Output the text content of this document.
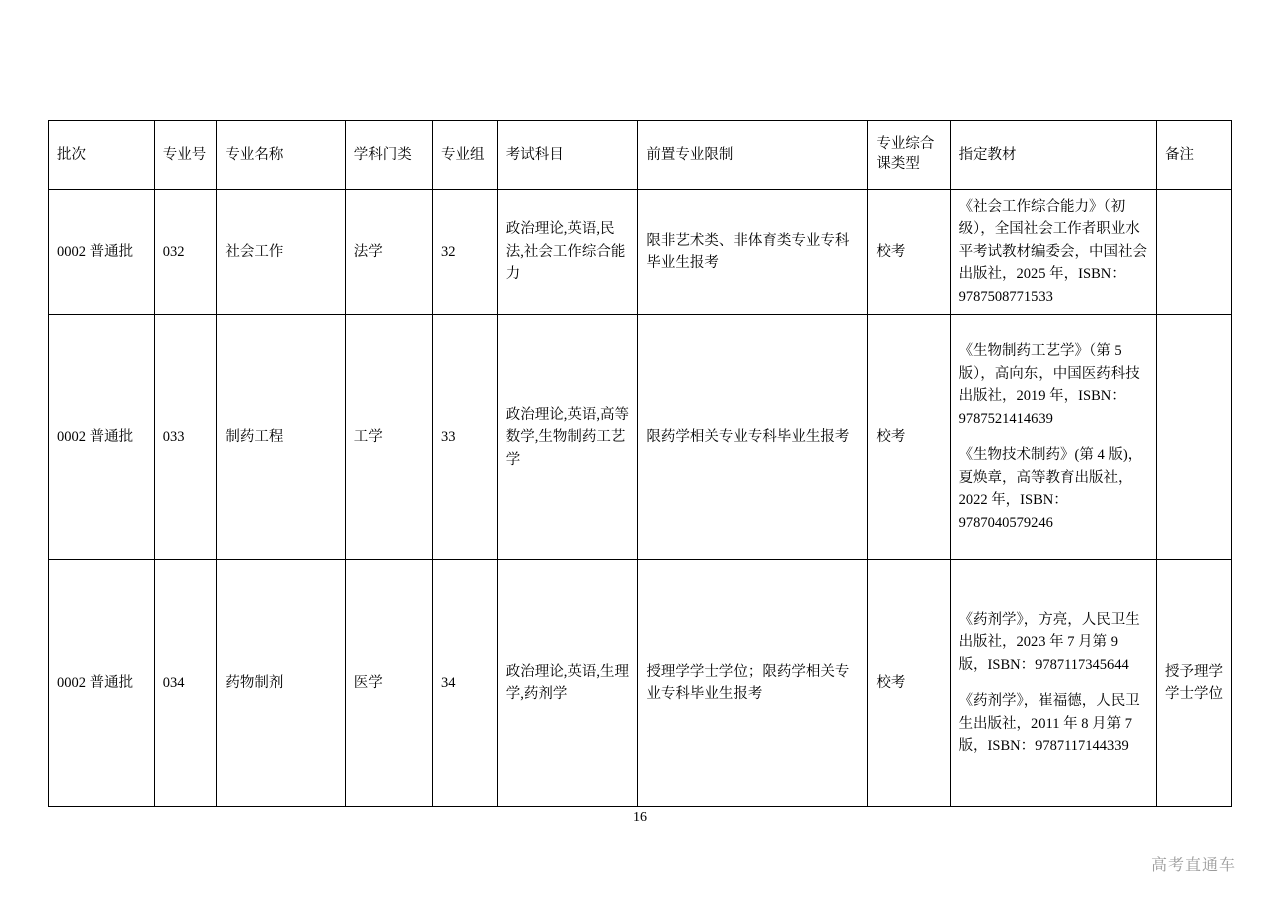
批次	专业号	专业名称	学科门类	专业组	考试科目	前置专业限制	专业综合
课类型	指定教材	备注
0002 普通批	032	社会工作	法学	32	政治理论,英语,民法,社会工作综合能力	限非艺术类、非体育类专业专科毕业生报考	校考	《社会工作综合能力》（初级），全国社会工作者职业水平考试教材编委会，中国社会出版社，2025 年，ISBN：9787508771533	

0002 普通批	033	制药工程	工学	33	政治理论,英语,高等数学,生物制药工艺学	限药学相关专业专科毕业生报考	校考	《生物制药工艺学》（第 5 版），高向东，中国医药科技出版社，2019 年，ISBN：9787521414639
《生物技术制药》(第 4 版)，夏焕章，高等教育出版社，2022 年，ISBN：9787040579246	

0002 普通批	034	药物制剂	医学	34	政治理论,英语,生理学,药剂学	授理学学士学位；限药学相关专业专科毕业生报考	校考	《药剂学》，方亮，人民卫生出版社，2023 年 7 月第 9 版，ISBN：9787117345644
《药剂学》，崔福德，人民卫生出版社，2011 年 8 月第 7 版，ISBN：9787117144339	授予理学学士学位
16
高考直通车
